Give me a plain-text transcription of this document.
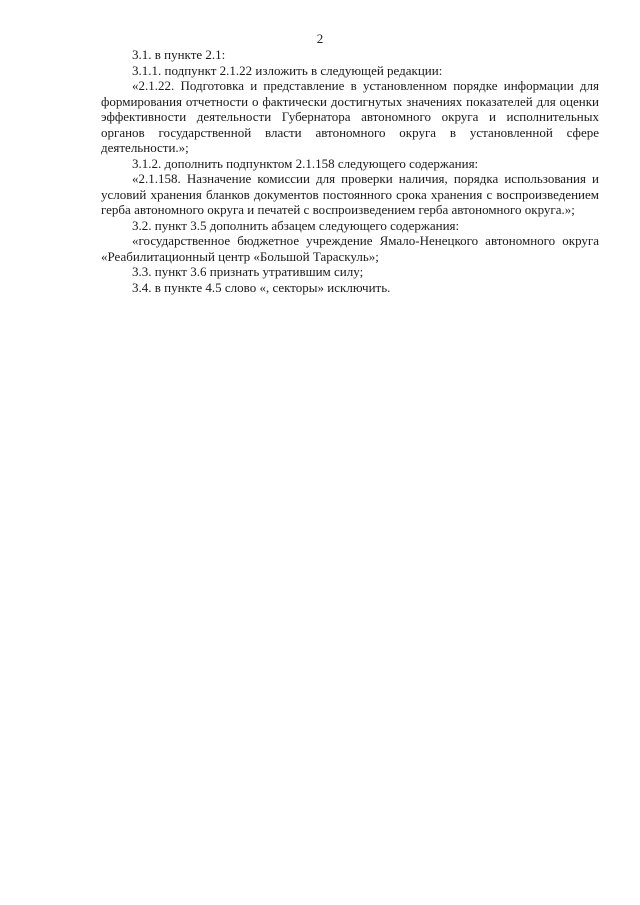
2

3.1. в пункте 2.1:

3.1.1. подпункт 2.1.22 изложить в следующей редакции:

«2.1.22. Подготовка и представление в установленном порядке информации для формирования отчетности о фактически достигнутых значениях показателей для оценки эффективности деятельности Губернатора автономного округа и исполнительных органов государственной власти автономного округа в установленной сфере деятельности.»;

3.1.2. дополнить подпунктом 2.1.158 следующего содержания:

«2.1.158. Назначение комиссии для проверки наличия, порядка использования и условий хранения бланков документов постоянного срока хранения с воспроизведением герба автономного округа и печатей с воспроизведением герба автономного округа.»;

3.2. пункт 3.5 дополнить абзацем следующего содержания:

«государственное бюджетное учреждение Ямало-Ненецкого автономного округа «Реабилитационный центр «Большой Тараскуль»;

3.3. пункт 3.6 признать утратившим силу;

3.4. в пункте 4.5 слово «, секторы» исключить.
